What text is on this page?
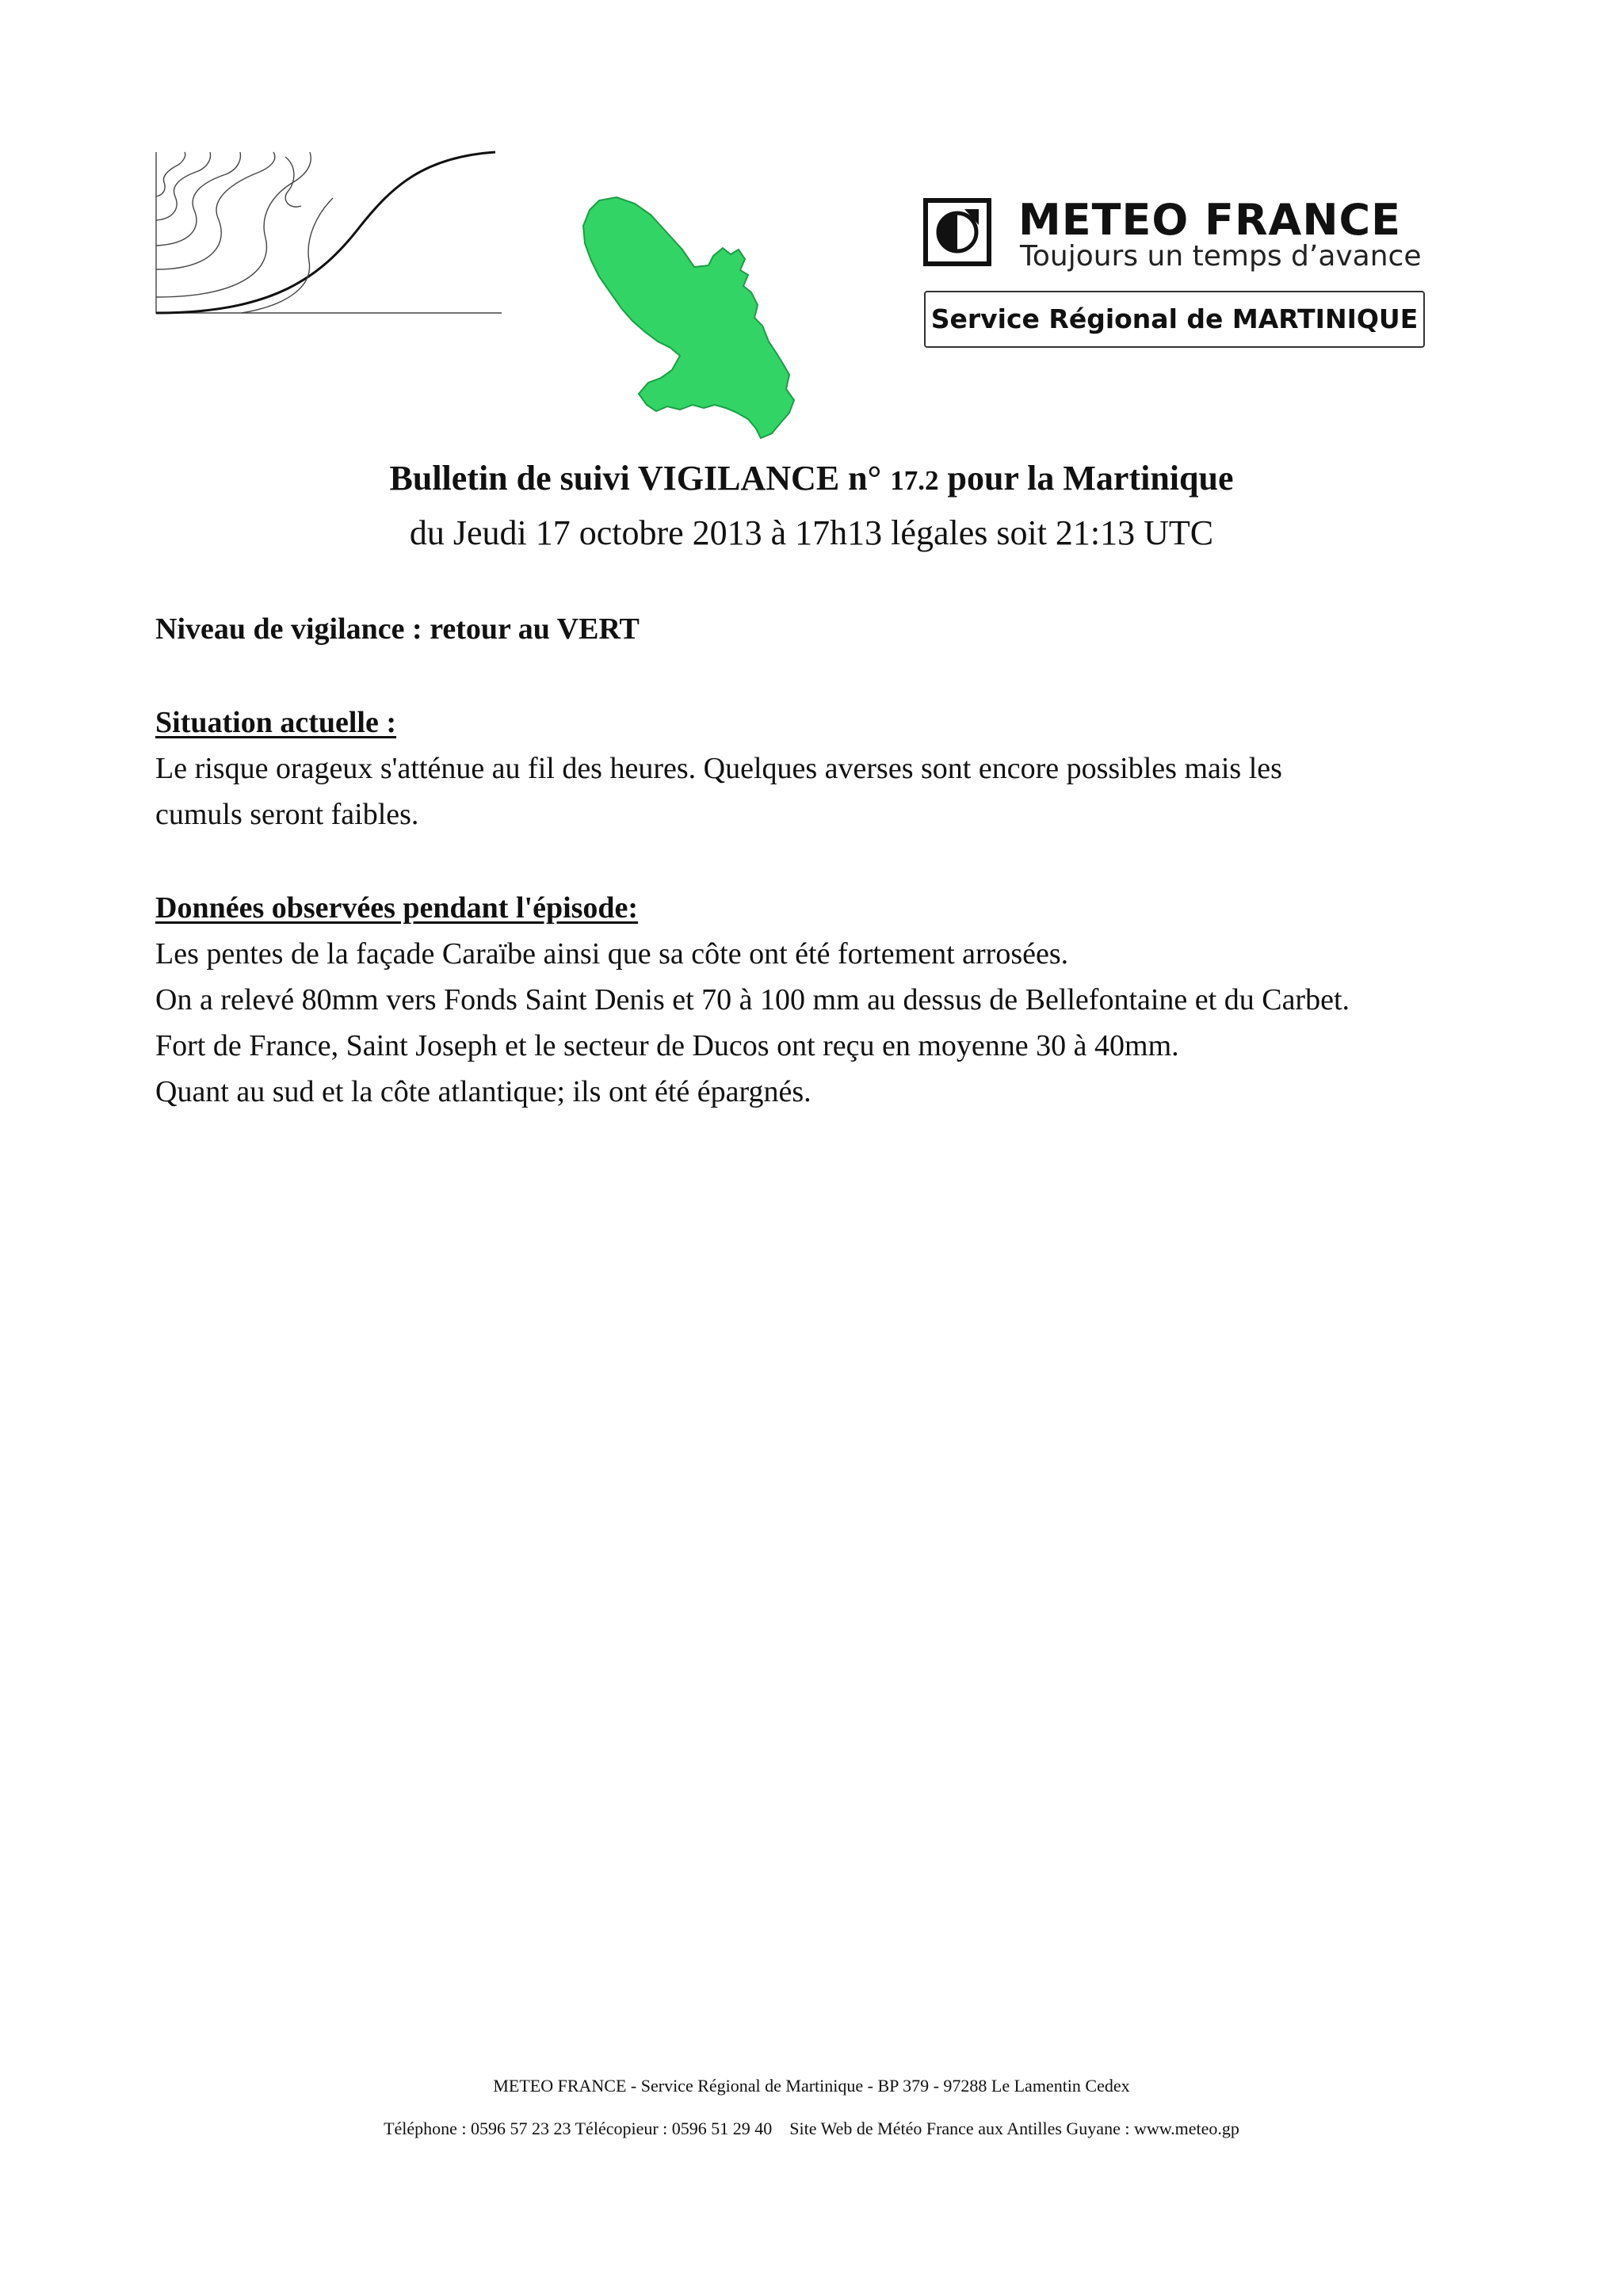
METEO FRANCE
Toujours un temps d’avance
Service Régional de MARTINIQUE
Bulletin de suivi VIGILANCE n° 17.2 pour la Martinique
du Jeudi 17 octobre 2013 à 17h13 légales soit 21:13 UTC
Niveau de vigilance : retour au VERT
Situation actuelle :
Le risque orageux s'atténue au fil des heures. Quelques averses sont encore possibles mais les
cumuls seront faibles.
Données observées pendant l'épisode:
Les pentes de la façade Caraïbe ainsi que sa côte ont été fortement arrosées.
On a relevé 80mm vers Fonds Saint Denis et 70 à 100 mm au dessus de Bellefontaine et du Carbet.
Fort de France, Saint Joseph et le secteur de Ducos ont reçu en moyenne 30 à 40mm.
Quant au sud et la côte atlantique; ils ont été épargnés.
METEO FRANCE - Service Régional de Martinique - BP 379 - 97288 Le Lamentin Cedex
Téléphone : 0596 57 23 23 Télécopieur : 0596 51 29 40    Site Web de Météo France aux Antilles Guyane : www.meteo.gp
